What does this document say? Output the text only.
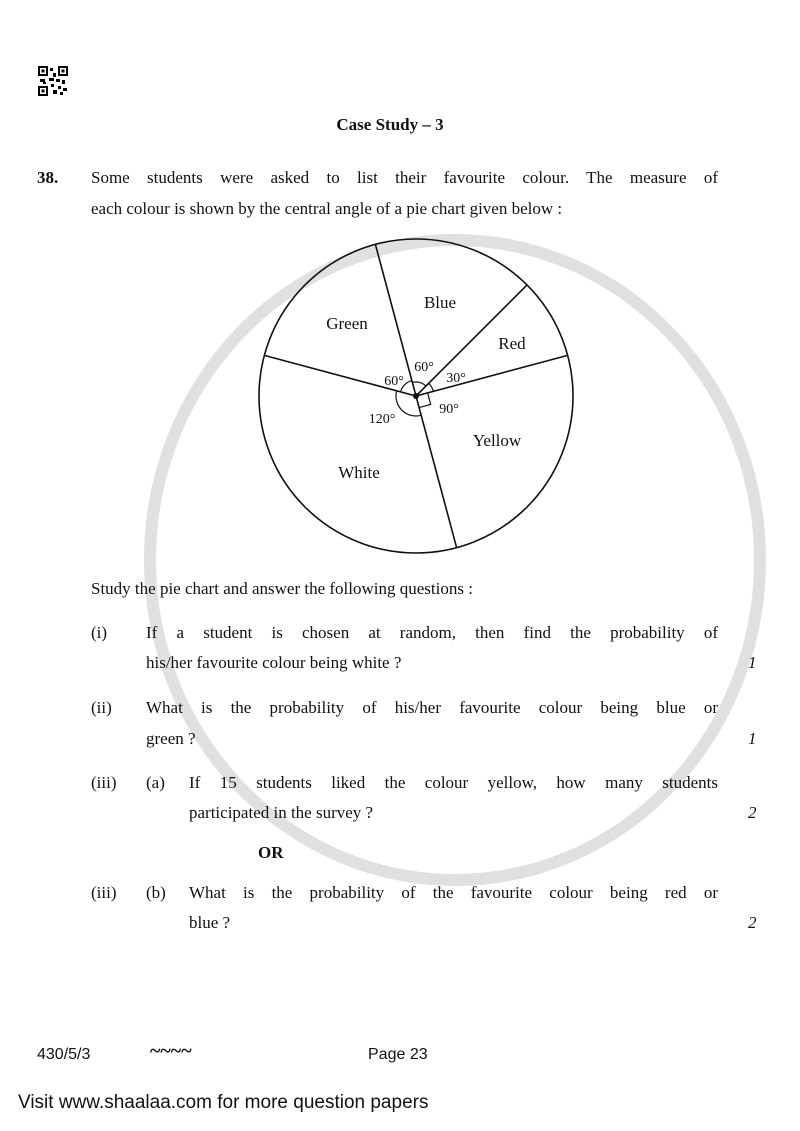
Case Study – 3
38. Some students were asked to list their favourite colour. The measure of
each colour is shown by the central angle of a pie chart given below :
Blue
60°
Red
30°
Yellow
90°
White
120°
Green
60°
Study the pie chart and answer the following questions :
(i) If a student is chosen at random, then find the probability of
his/her favourite colour being white ?	1
(ii) What is the probability of his/her favourite colour being blue or
green ?	1
(iii) (a) If 15 students liked the colour yellow, how many students
participated in the survey ?	2
OR
(iii) (b) What is the probability of the favourite colour being red or
blue ?	2
430/5/3	~~~~	Page 23
Visit www.shaalaa.com for more question papers
